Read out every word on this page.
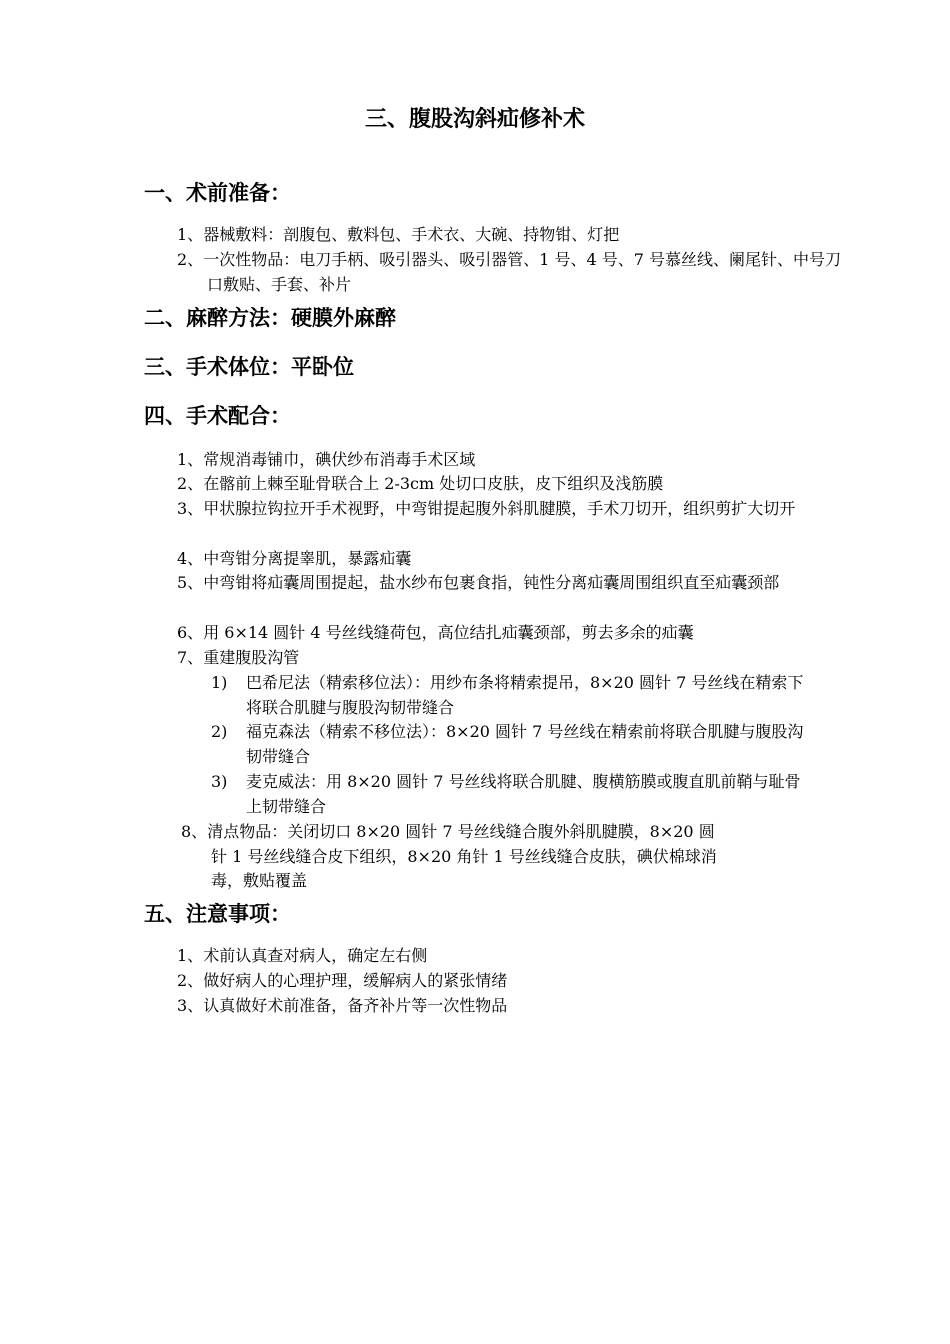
三、腹股沟斜疝修补术
一、术前准备：
1、器械敷料：剖腹包、敷料包、手术衣、大碗、持物钳、灯把
2、一次性物品：电刀手柄、吸引器头、吸引器管、1 号、4 号、7 号慕丝线、阑尾针、中号刀口敷贴、手套、补片
二、麻醉方法：硬膜外麻醉
三、手术体位：平卧位
四、手术配合：
1、常规消毒铺巾，碘伏纱布消毒手术区域
2、在髂前上棘至耻骨联合上 2-3cm 处切口皮肤，皮下组织及浅筋膜
3、甲状腺拉钩拉开手术视野，中弯钳提起腹外斜肌腱膜，手术刀切开，组织剪扩大切开
4、中弯钳分离提睾肌，暴露疝囊
5、中弯钳将疝囊周围提起，盐水纱布包裹食指，钝性分离疝囊周围组织直至疝囊颈部
6、用 6×14 圆针 4 号丝线缝荷包，高位结扎疝囊颈部，剪去多余的疝囊
7、重建腹股沟管
1) 巴希尼法（精索移位法）：用纱布条将精索提吊，8×20 圆针 7 号丝线在精索下将联合肌腱与腹股沟韧带缝合
2) 福克森法（精索不移位法）：8×20 圆针 7 号丝线在精索前将联合肌腱与腹股沟韧带缝合
3) 麦克威法：用 8×20 圆针 7 号丝线将联合肌腱、腹横筋膜或腹直肌前鞘与耻骨上韧带缝合
8、清点物品：关闭切口 8×20 圆针 7 号丝线缝合腹外斜肌腱膜，8×20 圆
针 1 号丝线缝合皮下组织，8×20 角针 1 号丝线缝合皮肤，碘伏棉球消
毒，敷贴覆盖
五、注意事项：
1、术前认真查对病人，确定左右侧
2、做好病人的心理护理，缓解病人的紧张情绪
3、认真做好术前准备，备齐补片等一次性物品
